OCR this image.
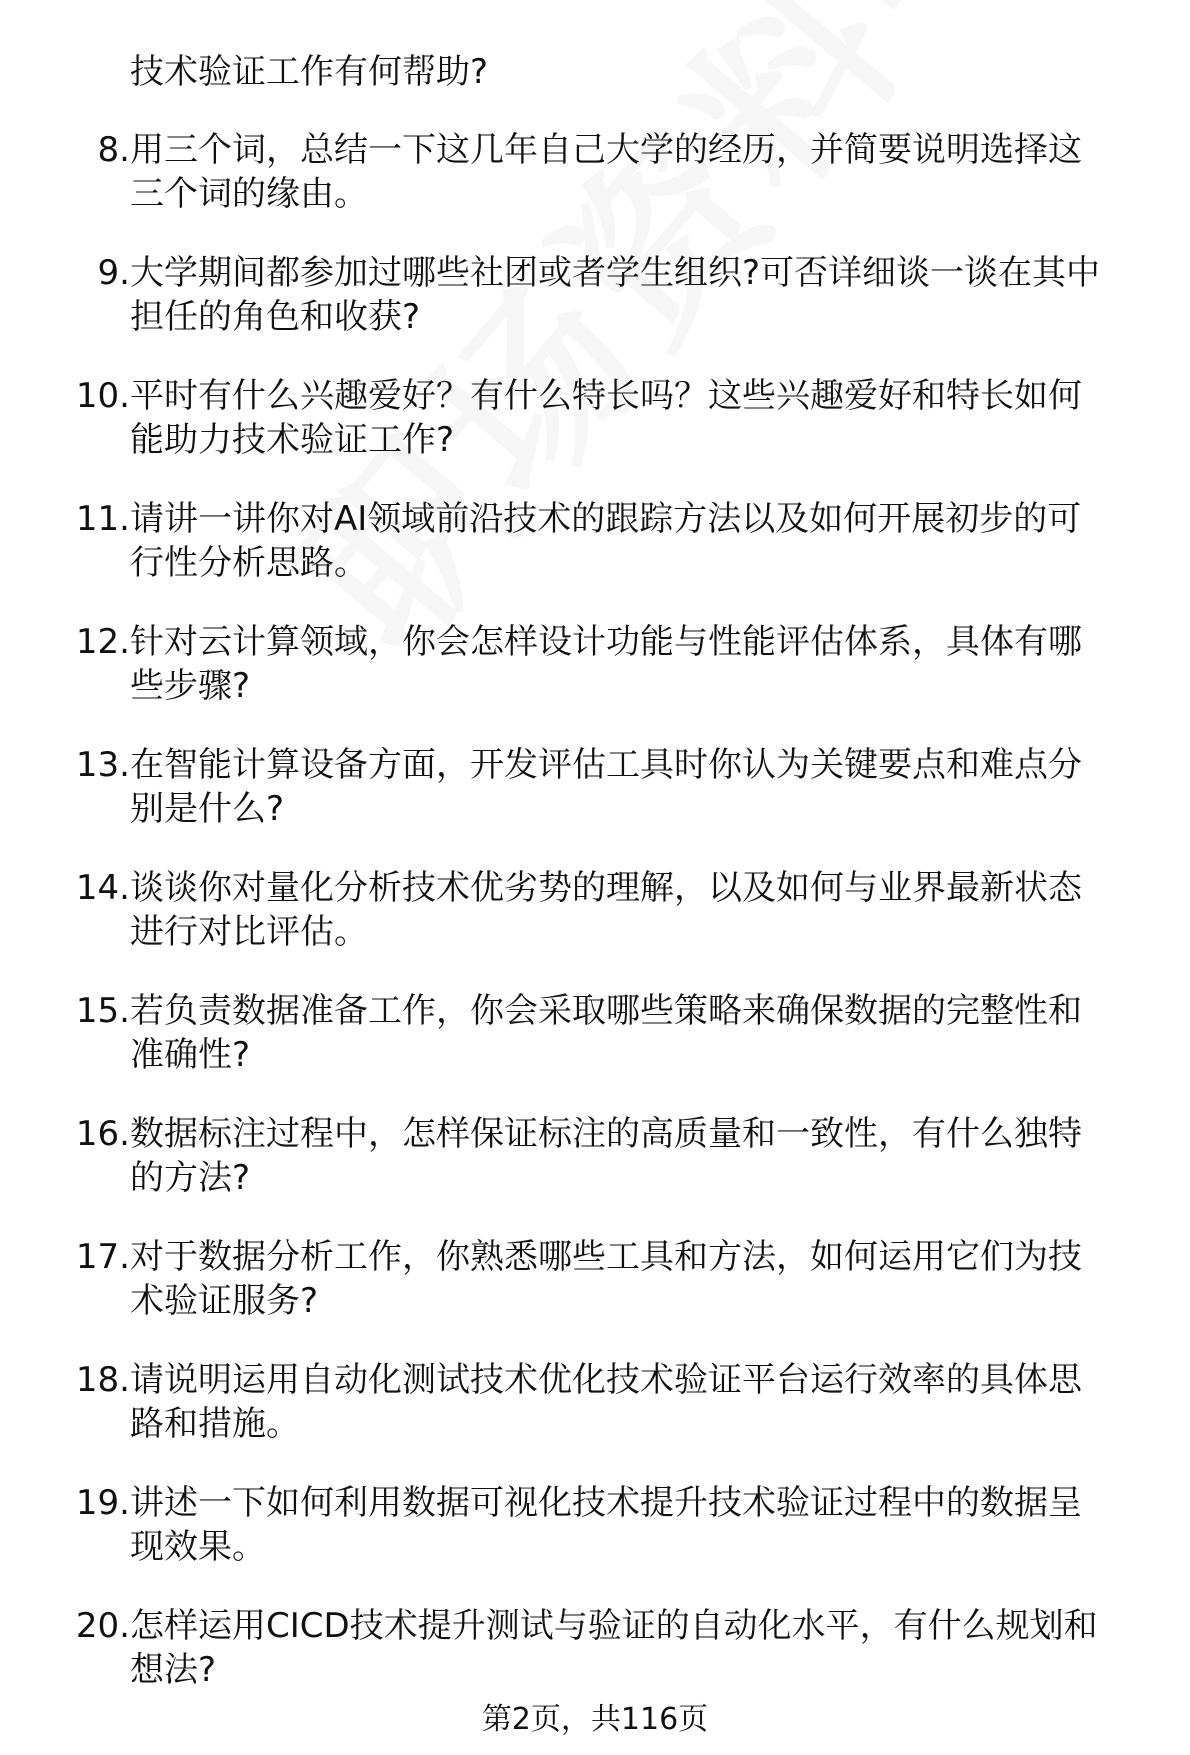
技术验证工作有何帮助?
8. 用三个词，总结一下这几年自己大学的经历，并简要说明选择这
三个词的缘由。
9. 大学期间都参加过哪些社团或者学生组织?可否详细谈一谈在其中
担任的角色和收获?
10. 平时有什么兴趣爱好？有什么特长吗？这些兴趣爱好和特长如何
能助力技术验证工作?
11. 请讲一讲你对AI领域前沿技术的跟踪方法以及如何开展初步的可
行性分析思路。
12. 针对云计算领域，你会怎样设计功能与性能评估体系，具体有哪
些步骤?
13. 在智能计算设备方面，开发评估工具时你认为关键要点和难点分
别是什么?
14. 谈谈你对量化分析技术优劣势的理解，以及如何与业界最新状态
进行对比评估。
15. 若负责数据准备工作，你会采取哪些策略来确保数据的完整性和
准确性?
16. 数据标注过程中，怎样保证标注的高质量和一致性，有什么独特
的方法?
17. 对于数据分析工作，你熟悉哪些工具和方法，如何运用它们为技
术验证服务?
18. 请说明运用自动化测试技术优化技术验证平台运行效率的具体思
路和措施。
19. 讲述一下如何利用数据可视化技术提升技术验证过程中的数据呈
现效果。
20. 怎样运用CICD技术提升测试与验证的自动化水平，有什么规划和
想法?
第2页，共116页
